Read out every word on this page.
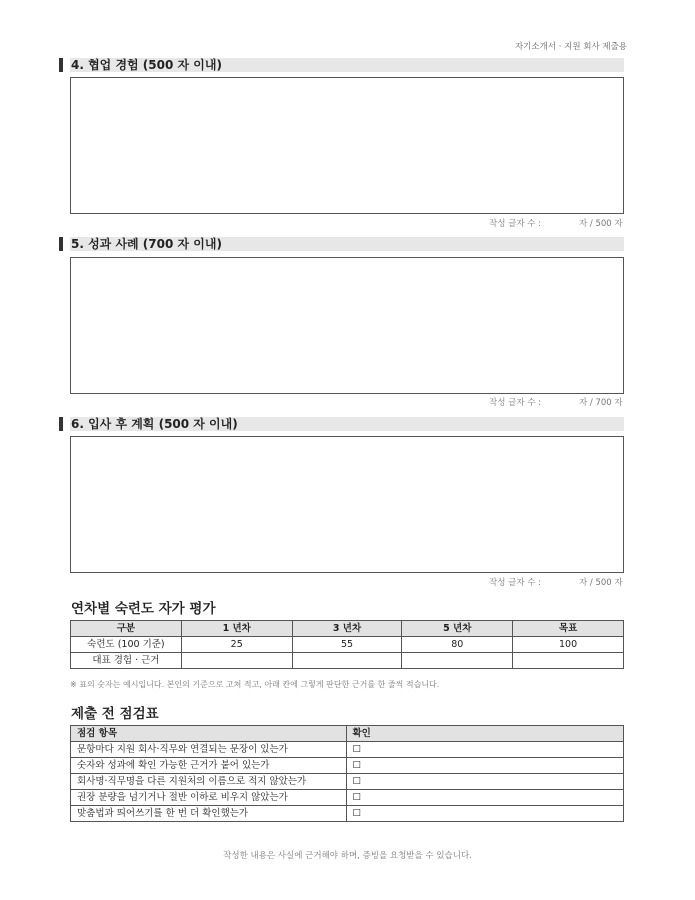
자기소개서 · 지원 회사 제출용
4. 협업 경험 (500 자 이내)
작성 글자 수 :	자 / 500 자
5. 성과 사례 (700 자 이내)
작성 글자 수 :	자 / 700 자
6. 입사 후 계획 (500 자 이내)
작성 글자 수 :	자 / 500 자
연차별 숙련도 자가 평가
구분	1 년차	3 년차	5 년차	목표
숙련도 (100 기준)	25	55	80	100
대표 경험 · 근거				
※ 표의 숫자는 예시입니다. 본인의 기준으로 고쳐 적고, 아래 칸에 그렇게 판단한 근거를 한 줄씩 적습니다.
제출 전 점검표
점검 항목	확인
문항마다 지원 회사·직무와 연결되는 문장이 있는가	☐
숫자와 성과에 확인 가능한 근거가 붙어 있는가	☐
회사명·직무명을 다른 지원처의 이름으로 적지 않았는가	☐
권장 분량을 넘기거나 절반 이하로 비우지 않았는가	☐
맞춤법과 띄어쓰기를 한 번 더 확인했는가	☐
작성한 내용은 사실에 근거해야 하며, 증빙을 요청받을 수 있습니다.
